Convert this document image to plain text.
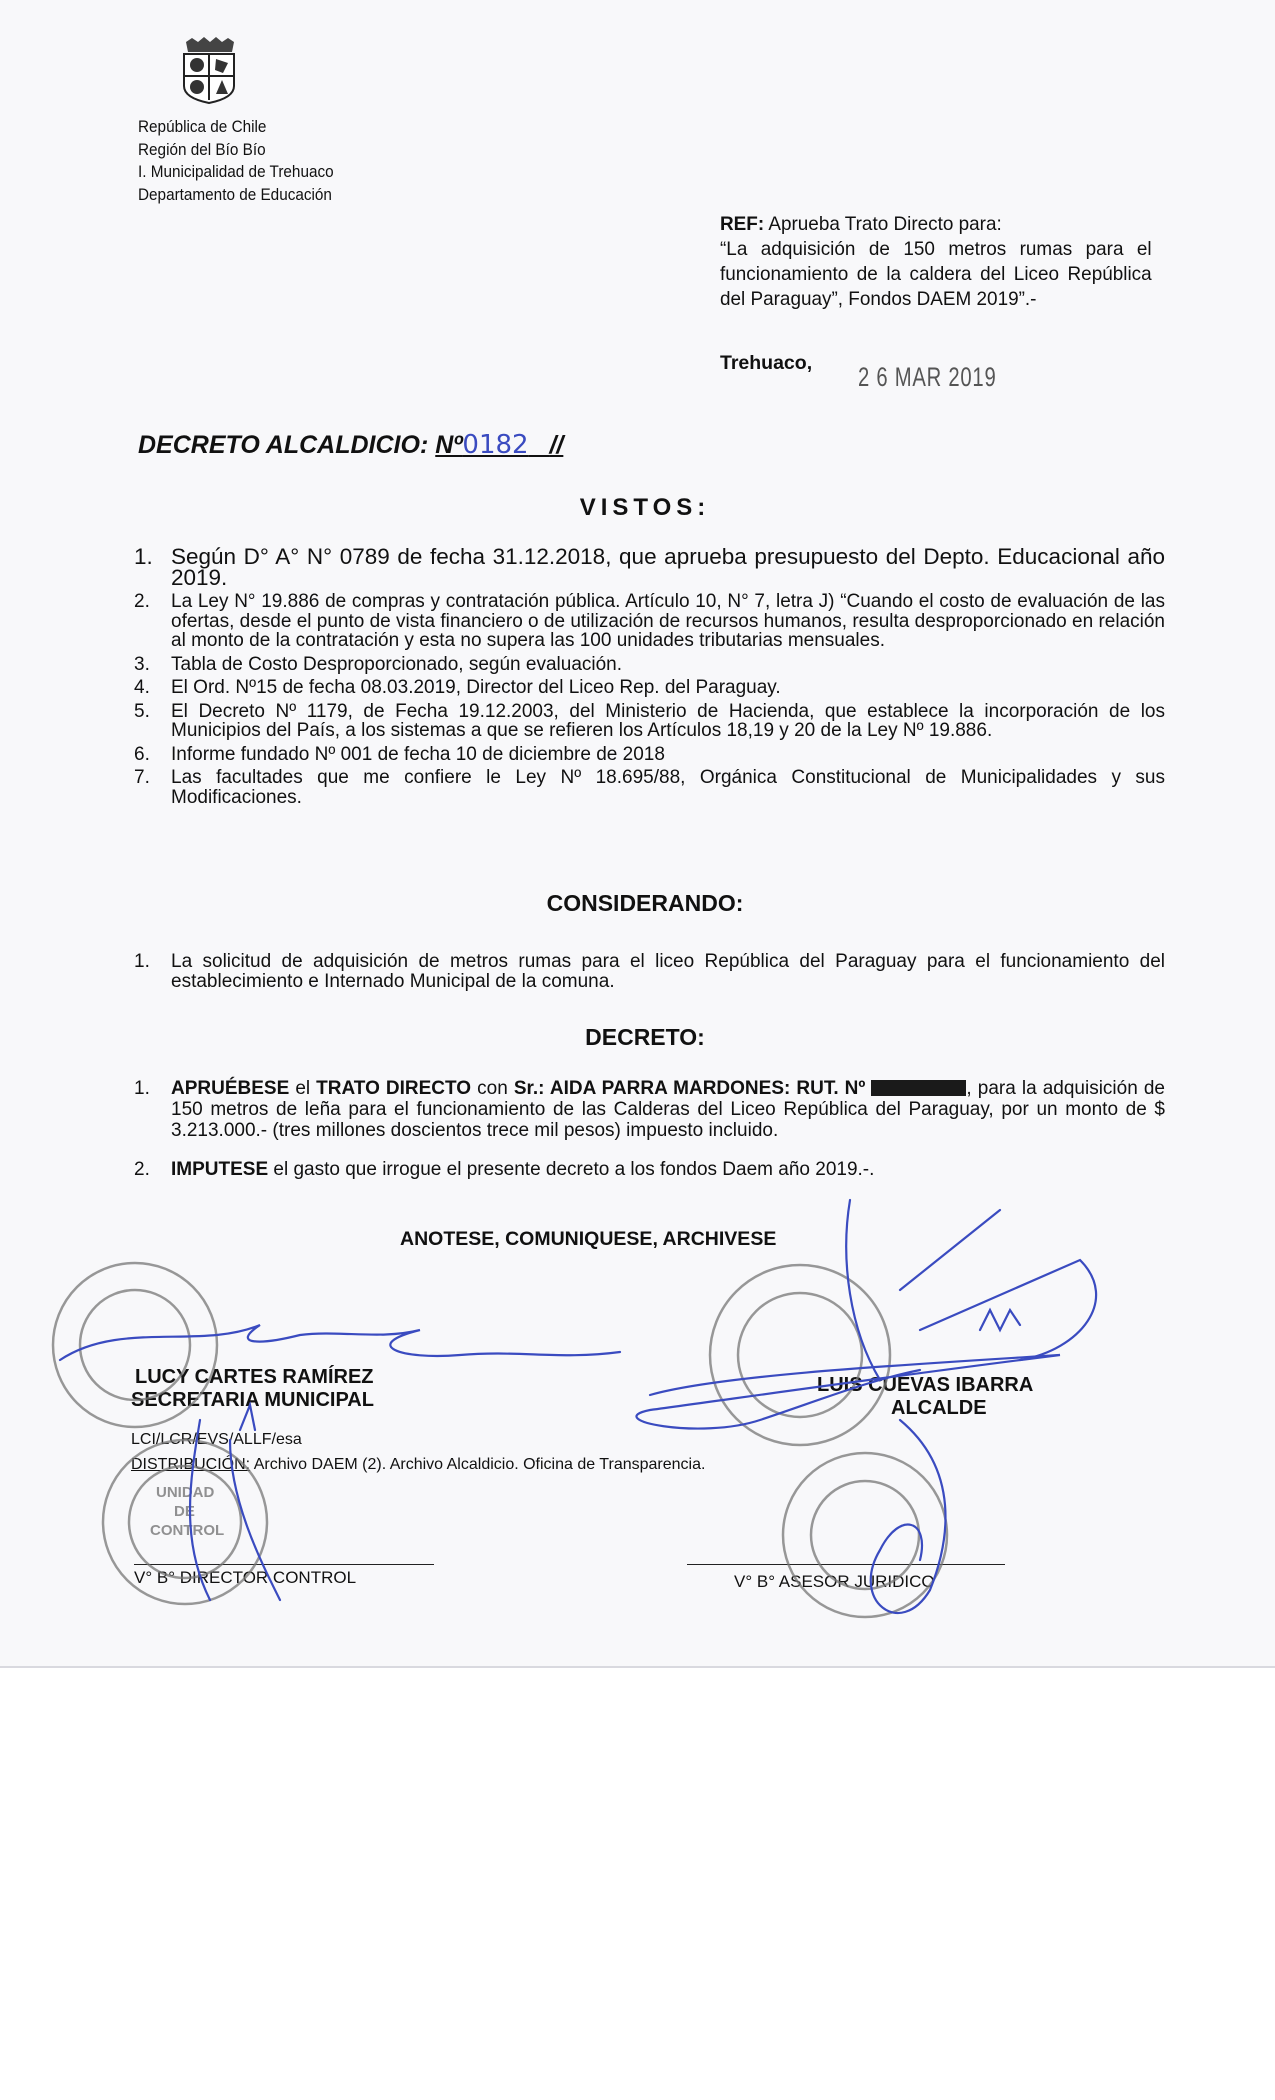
República de Chile
Región del Bío Bío
I. Municipalidad de Trehuaco
Departamento de Educación
REF: Aprueba Trato Directo para:
“La adquisición de 150 metros rumas para el funcionamiento de la caldera del Liceo República del Paraguay”, Fondos DAEM 2019”.-
Trehuaco, 2 6 MAR 2019
DECRETO ALCALDICIO: Nº0182 //
VISTOS:
1. Según D° A° N° 0789 de fecha 31.12.2018, que aprueba presupuesto del Depto. Educacional año 2019.
2. La Ley N° 19.886 de compras y contratación pública. Artículo 10, N° 7, letra J) “Cuando el costo de evaluación de las ofertas, desde el punto de vista financiero o de utilización de recursos humanos, resulta desproporcionado en relación al monto de la contratación y esta no supera las 100 unidades tributarias mensuales.
3. Tabla de Costo Desproporcionado, según evaluación.
4. El Ord. Nº15 de fecha 08.03.2019, Director del Liceo Rep. del Paraguay.
5. El Decreto Nº 1179, de Fecha 19.12.2003, del Ministerio de Hacienda, que establece la incorporación de los Municipios del País, a los sistemas a que se refieren los Artículos 18,19 y 20 de la Ley Nº 19.886.
6. Informe fundado Nº 001 de fecha 10 de diciembre de 2018
7. Las facultades que me confiere le Ley Nº 18.695/88, Orgánica Constitucional de Municipalidades y sus Modificaciones.
CONSIDERANDO:
1. La solicitud de adquisición de metros rumas para el liceo República del Paraguay para el funcionamiento del establecimiento e Internado Municipal de la comuna.
DECRETO:
1. APRUÉBESE el TRATO DIRECTO con Sr.: AIDA PARRA MARDONES: RUT. Nº	, para la adquisición de 150 metros de leña para el funcionamiento de las Calderas del Liceo República del Paraguay, por un monto de $ 3.213.000.- (tres millones doscientos trece mil pesos) impuesto incluido.
2. IMPUTESE el gasto que irrogue el presente decreto a los fondos Daem año 2019.-.
ANOTESE, COMUNIQUESE, ARCHIVESE
LUCY CARTES RAMÍREZ
SECRETARIA MUNICIPAL
LUIS CUEVAS IBARRA
ALCALDE
LCI/LCR/EVS/ALLF/esa
DISTRIBUCIÓN: Archivo DAEM (2). Archivo Alcaldicio. Oficina de Transparencia.
V° B° DIRECTOR CONTROL	V° B° ASESOR JURIDICO
UNIDAD
DE
CONTROL
